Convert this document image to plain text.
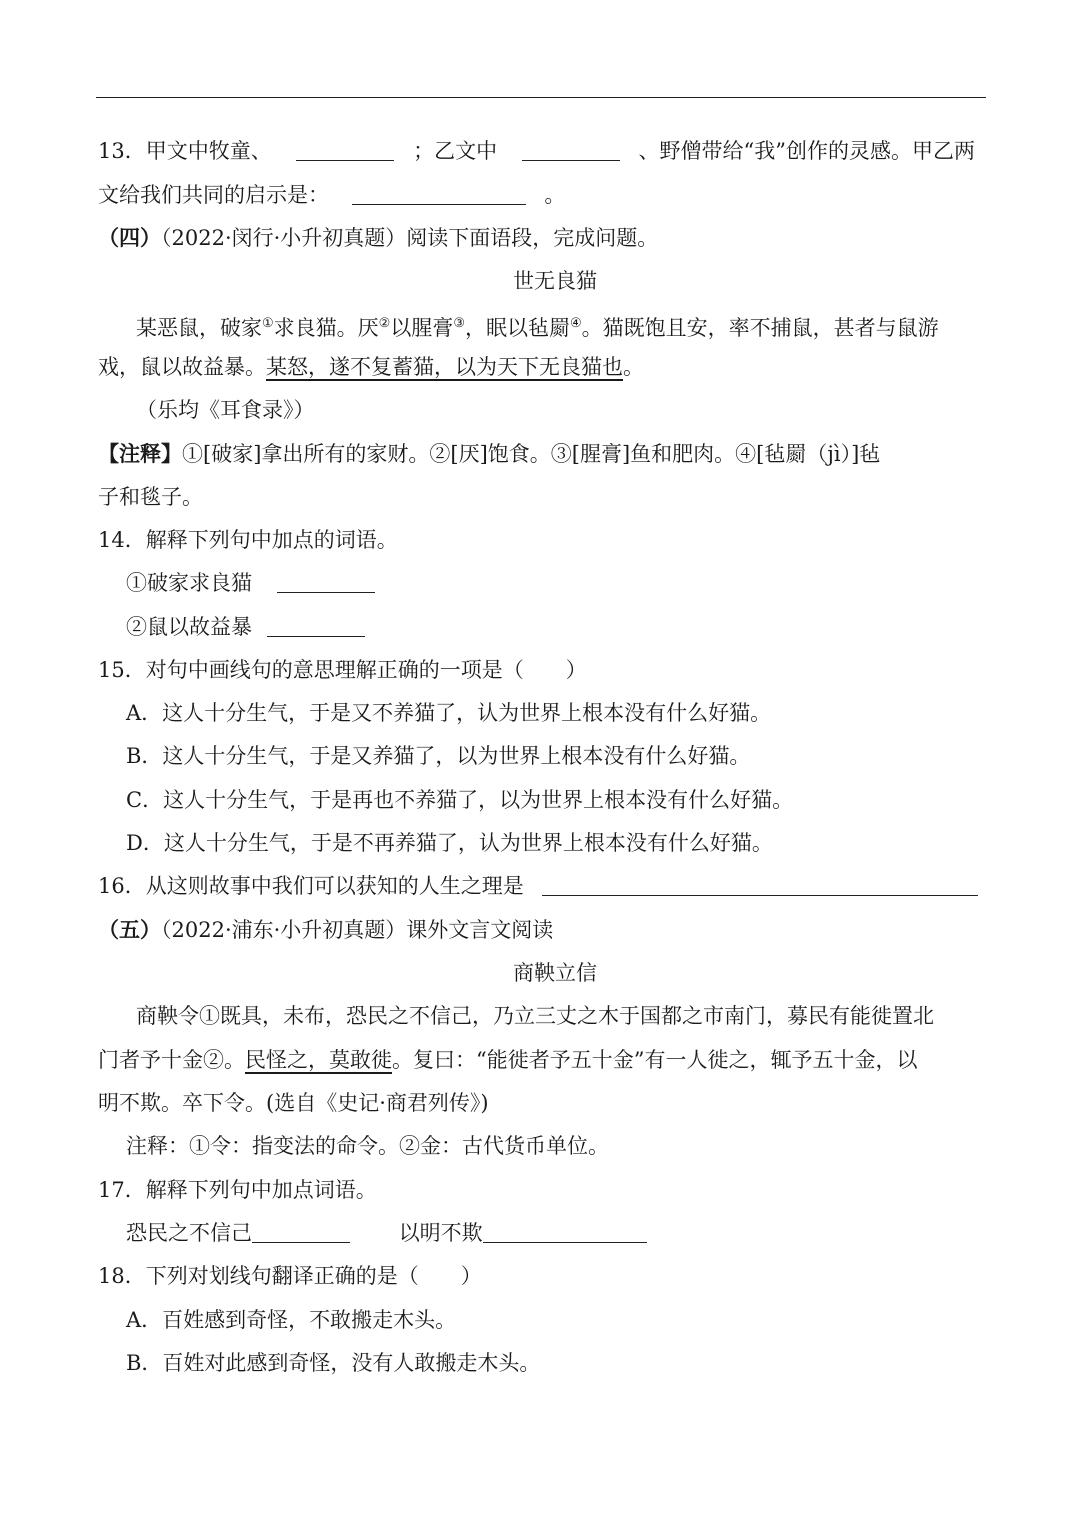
13．甲文中牧童、	；乙文中	、野僧带给“我”创作的灵感。甲乙两
文给我们共同的启示是：	。
（四）（2022·闵行·小升初真题）阅读下面语段，完成问题。
世无良猫
某恶鼠，破家①求良猫。厌②以腥膏③，眠以毡罽④。猫既饱且安，率不捕鼠，甚者与鼠游
戏，鼠以故益暴。某怒，遂不复蓄猫，以为天下无良猫也。
（乐均《耳食录》）
【注释】①[破家]拿出所有的家财。②[厌]饱食。③[腥膏]鱼和肥肉。④[毡罽（jì）]毡
子和毯子。
14．解释下列句中加点的词语。
①破家求良猫
②鼠以故益暴
15．对句中画线句的意思理解正确的一项是（　　）
A．这人十分生气，于是又不养猫了，认为世界上根本没有什么好猫。
B．这人十分生气，于是又养猫了，以为世界上根本没有什么好猫。
C．这人十分生气，于是再也不养猫了，以为世界上根本没有什么好猫。
D．这人十分生气，于是不再养猫了，认为世界上根本没有什么好猫。
16．从这则故事中我们可以获知的人生之理是
（五）（2022·浦东·小升初真题）课外文言文阅读
商鞅立信
商鞅令①既具，未布，恐民之不信己，乃立三丈之木于国都之市南门，募民有能徙置北
门者予十金②。民怪之，莫敢徙。复曰：“能徙者予五十金”有一人徙之，辄予五十金，以
明不欺。卒下令。(选自《史记·商君列传》)
注释：①令：指变法的命令。②金：古代货币单位。
17．解释下列句中加点词语。
恐民之不信己	以明不欺
18．下列对划线句翻译正确的是（　　）
A．百姓感到奇怪，不敢搬走木头。
B．百姓对此感到奇怪，没有人敢搬走木头。
